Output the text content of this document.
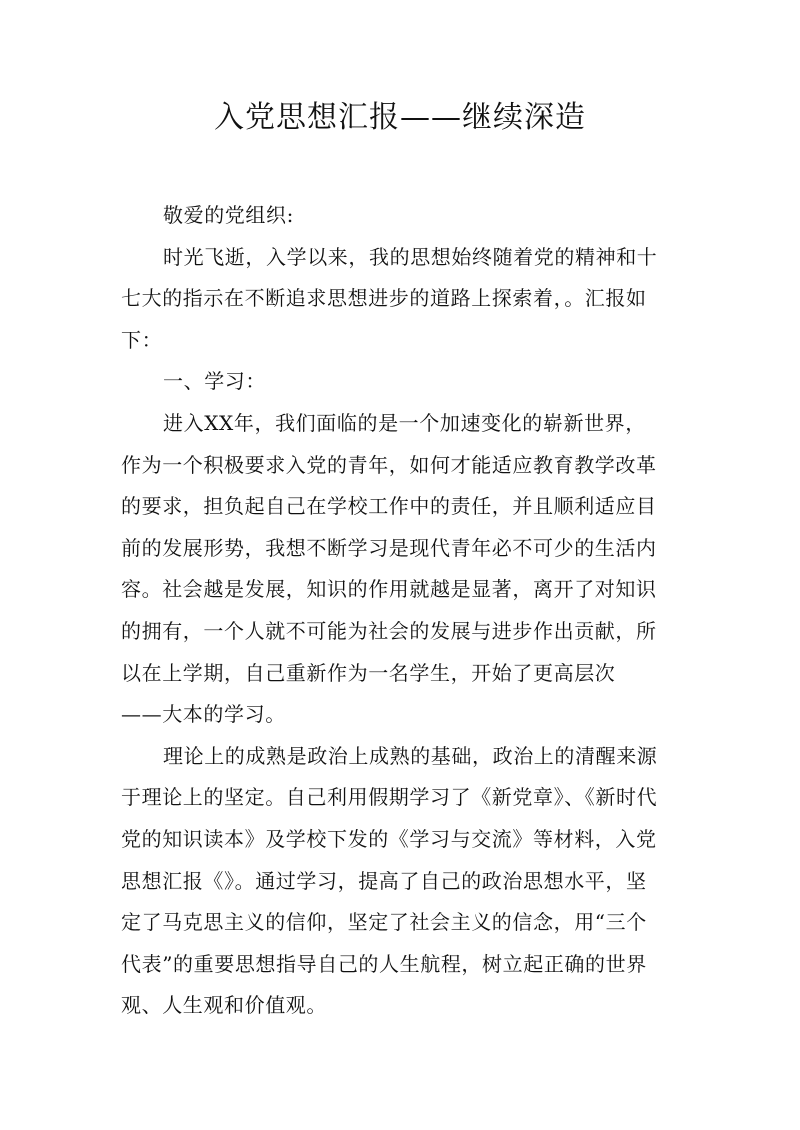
入党思想汇报——继续深造
敬爱的党组织:
时光飞逝，入学以来，我的思想始终随着党的精神和十
七大的指示在不断追求思想进步的道路上探索着，。汇报如
下：
一、学习：
进入XX年，我们面临的是一个加速变化的崭新世界，
作为一个积极要求入党的青年，如何才能适应教育教学改革
的要求，担负起自己在学校工作中的责任，并且顺利适应目
前的发展形势，我想不断学习是现代青年必不可少的生活内
容。社会越是发展，知识的作用就越是显著，离开了对知识
的拥有，一个人就不可能为社会的发展与进步作出贡献，所
以在上学期，自己重新作为一名学生，开始了更高层次
——大本的学习。
理论上的成熟是政治上成熟的基础，政治上的清醒来源
于理论上的坚定。自己利用假期学习了《新党章》、《新时代
党的知识读本》及学校下发的《学习与交流》等材料，入党
思想汇报《》。通过学习，提高了自己的政治思想水平，坚
定了马克思主义的信仰，坚定了社会主义的信念，用“三个
代表”的重要思想指导自己的人生航程，树立起正确的世界
观、人生观和价值观。
